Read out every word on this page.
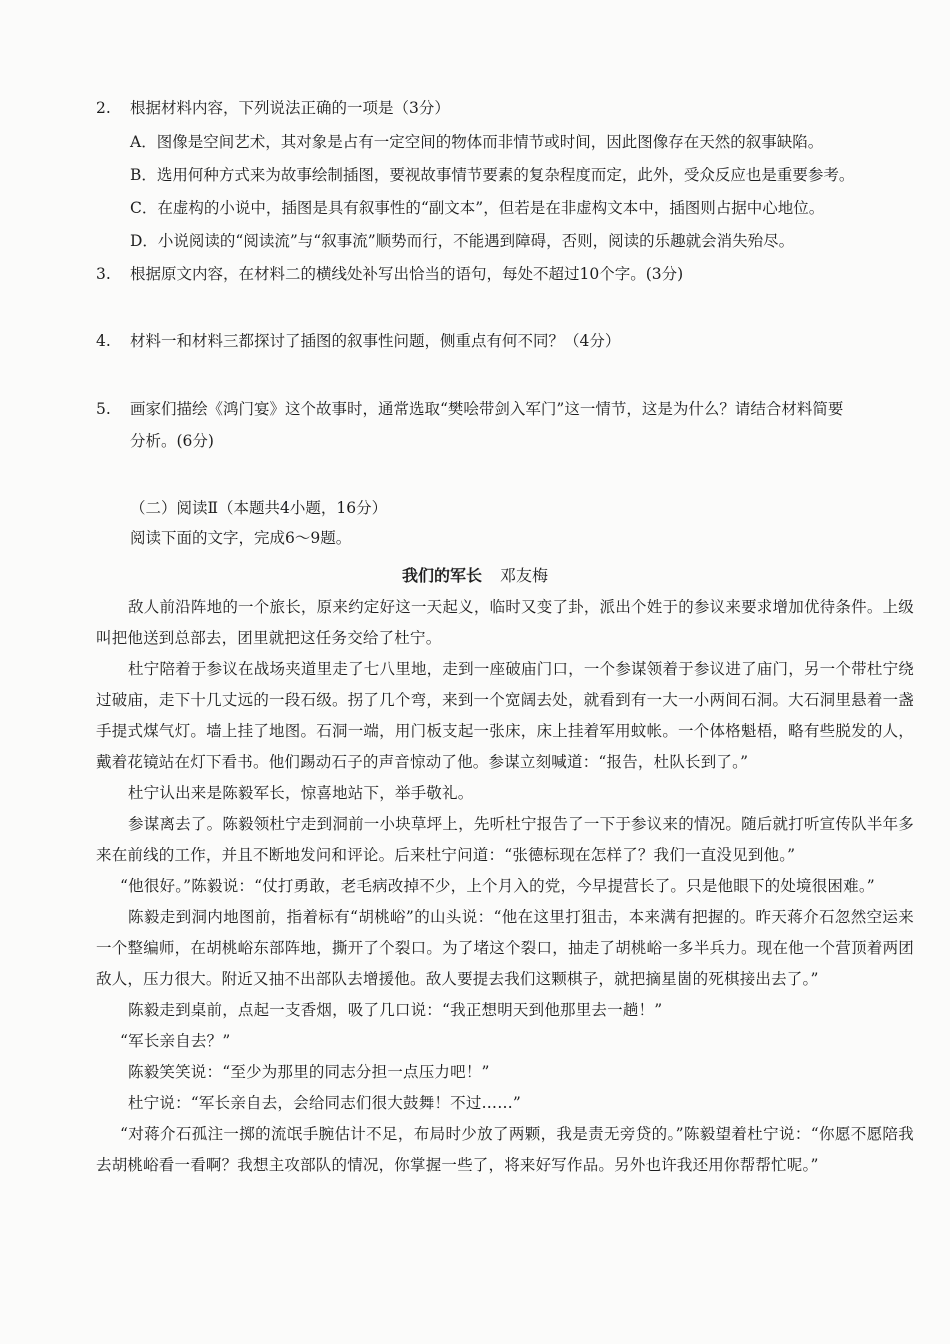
2. 根据材料内容，下列说法正确的一项是（3分）
A．图像是空间艺术，其对象是占有一定空间的物体而非情节或时间，因此图像存在天然的叙事缺陷。
B．选用何种方式来为故事绘制插图，要视故事情节要素的复杂程度而定，此外，受众反应也是重要参考。
C．在虚构的小说中，插图是具有叙事性的“副文本”，但若是在非虚构文本中，插图则占据中心地位。
D．小说阅读的“阅读流”与“叙事流”顺势而行，不能遇到障碍，否则，阅读的乐趣就会消失殆尽。
3. 根据原文内容，在材料二的横线处补写出恰当的语句，每处不超过10个字。(3分)
4. 材料一和材料三都探讨了插图的叙事性问题，侧重点有何不同？（4分）
5. 画家们描绘《鸿门宴》这个故事时，通常选取“樊哙带剑入军门”这一情节，这是为什么？请结合材料简要
分析。(6分)
（二）阅读Ⅱ（本题共4小题，16分）
阅读下面的文字，完成6～9题。
我们的军长 邓友梅

敌人前沿阵地的一个旅长，原来约定好这一天起义，临时又变了卦，派出个姓于的参议来要求增加优待条件。上级叫把他送到总部去，团里就把这任务交给了杜宁。

杜宁陪着于参议在战场夹道里走了七八里地，走到一座破庙门口，一个参谋领着于参议进了庙门，另一个带杜宁绕过破庙，走下十几丈远的一段石级。拐了几个弯，来到一个宽阔去处，就看到有一大一小两间石洞。大石洞里悬着一盏手提式煤气灯。墙上挂了地图。石洞一端，用门板支起一张床，床上挂着军用蚊帐。一个体格魁梧，略有些脱发的人，戴着花镜站在灯下看书。他们踢动石子的声音惊动了他。参谋立刻喊道：“报告，杜队长到了。”

杜宁认出来是陈毅军长，惊喜地站下，举手敬礼。

参谋离去了。陈毅领杜宁走到洞前一小块草坪上，先听杜宁报告了一下于参议来的情况。随后就打听宣传队半年多来在前线的工作，并且不断地发问和评论。后来杜宁问道：“张德标现在怎样了？我们一直没见到他。”

“他很好。”陈毅说：“仗打勇敢，老毛病改掉不少，上个月入的党，今早提营长了。只是他眼下的处境很困难。”

陈毅走到洞内地图前，指着标有“胡桃峪”的山头说：“他在这里打狙击，本来满有把握的。昨天蒋介石忽然空运来一个整编师，在胡桃峪东部阵地，撕开了个裂口。为了堵这个裂口，抽走了胡桃峪一多半兵力。现在他一个营顶着两团敌人，压力很大。附近又抽不出部队去增援他。敌人要提去我们这颗棋子，就把摘星崮的死棋接出去了。”

陈毅走到桌前，点起一支香烟，吸了几口说：“我正想明天到他那里去一趟！”

“军长亲自去？”

陈毅笑笑说：“至少为那里的同志分担一点压力吧！”

杜宁说：“军长亲自去，会给同志们很大鼓舞！不过……”

“对蒋介石孤注一掷的流氓手腕估计不足，布局时少放了两颗，我是责无旁贷的。”陈毅望着杜宁说：“你愿不愿陪我去胡桃峪看一看啊？我想主攻部队的情况，你掌握一些了，将来好写作品。另外也许我还用你帮帮忙呢。”
